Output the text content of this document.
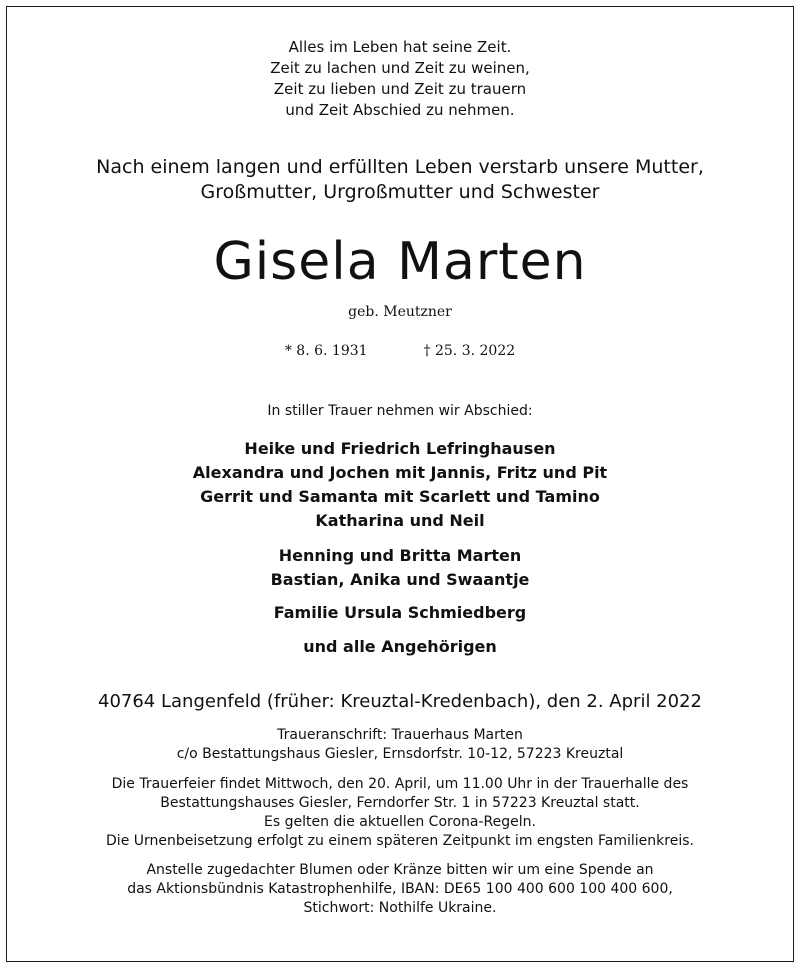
Alles im Leben hat seine Zeit.
Zeit zu lachen und Zeit zu weinen,
Zeit zu lieben und Zeit zu trauern
und Zeit Abschied zu nehmen.
Nach einem langen und erfüllten Leben verstarb unsere Mutter,
Großmutter, Urgroßmutter und Schwester
Gisela Marten
geb. Meutzner
* 8. 6. 1931	† 25. 3. 2022
In stiller Trauer nehmen wir Abschied:
Heike und Friedrich Lefringhausen
Alexandra und Jochen mit Jannis, Fritz und Pit
Gerrit und Samanta mit Scarlett und Tamino
Katharina und Neil
Henning und Britta Marten
Bastian, Anika und Swaantje
Familie Ursula Schmiedberg
und alle Angehörigen
40764 Langenfeld (früher: Kreuztal-Kredenbach), den 2. April 2022
Traueranschrift: Trauerhaus Marten
c/o Bestattungshaus Giesler, Ernsdorfstr. 10-12, 57223 Kreuztal
Die Trauerfeier findet Mittwoch, den 20. April, um 11.00 Uhr in der Trauerhalle des
Bestattungshauses Giesler, Ferndorfer Str. 1 in 57223 Kreuztal statt.
Es gelten die aktuellen Corona-Regeln.
Die Urnenbeisetzung erfolgt zu einem späteren Zeitpunkt im engsten Familienkreis.
Anstelle zugedachter Blumen oder Kränze bitten wir um eine Spende an
das Aktionsbündnis Katastrophenhilfe, IBAN: DE65 100 400 600 100 400 600,
Stichwort: Nothilfe Ukraine.
